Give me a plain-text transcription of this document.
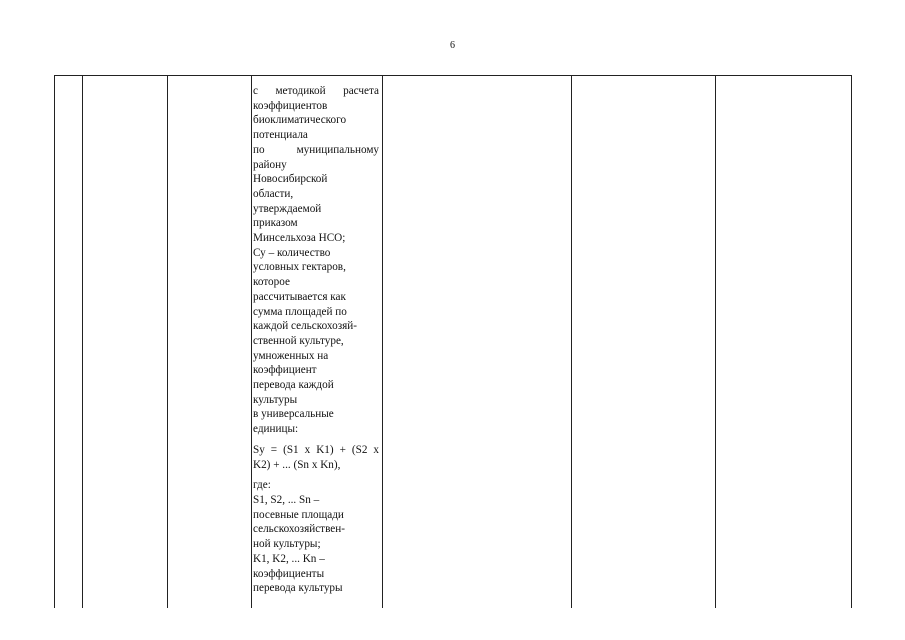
6
с методикой расчета
коэффициентов
биоклиматического
потенциала
по муниципальному
району
Новосибирской
области,
утверждаемой
приказом
Минсельхоза НСО;
Су – количество
условных гектаров,
которое
рассчитывается как
сумма площадей по
каждой сельскохозяй-
ственной культуре,
умноженных на
коэффициент
перевода каждой
культуры
в универсальные
единицы:
Sу = (S1 x K1) + (S2 x
K2) + ... (Sn x Kn),
где:
S1, S2, ... Sn –
посевные площади
сельскохозяйствен-
ной культуры;
K1, K2, ... Kn –
коэффициенты
перевода культуры
